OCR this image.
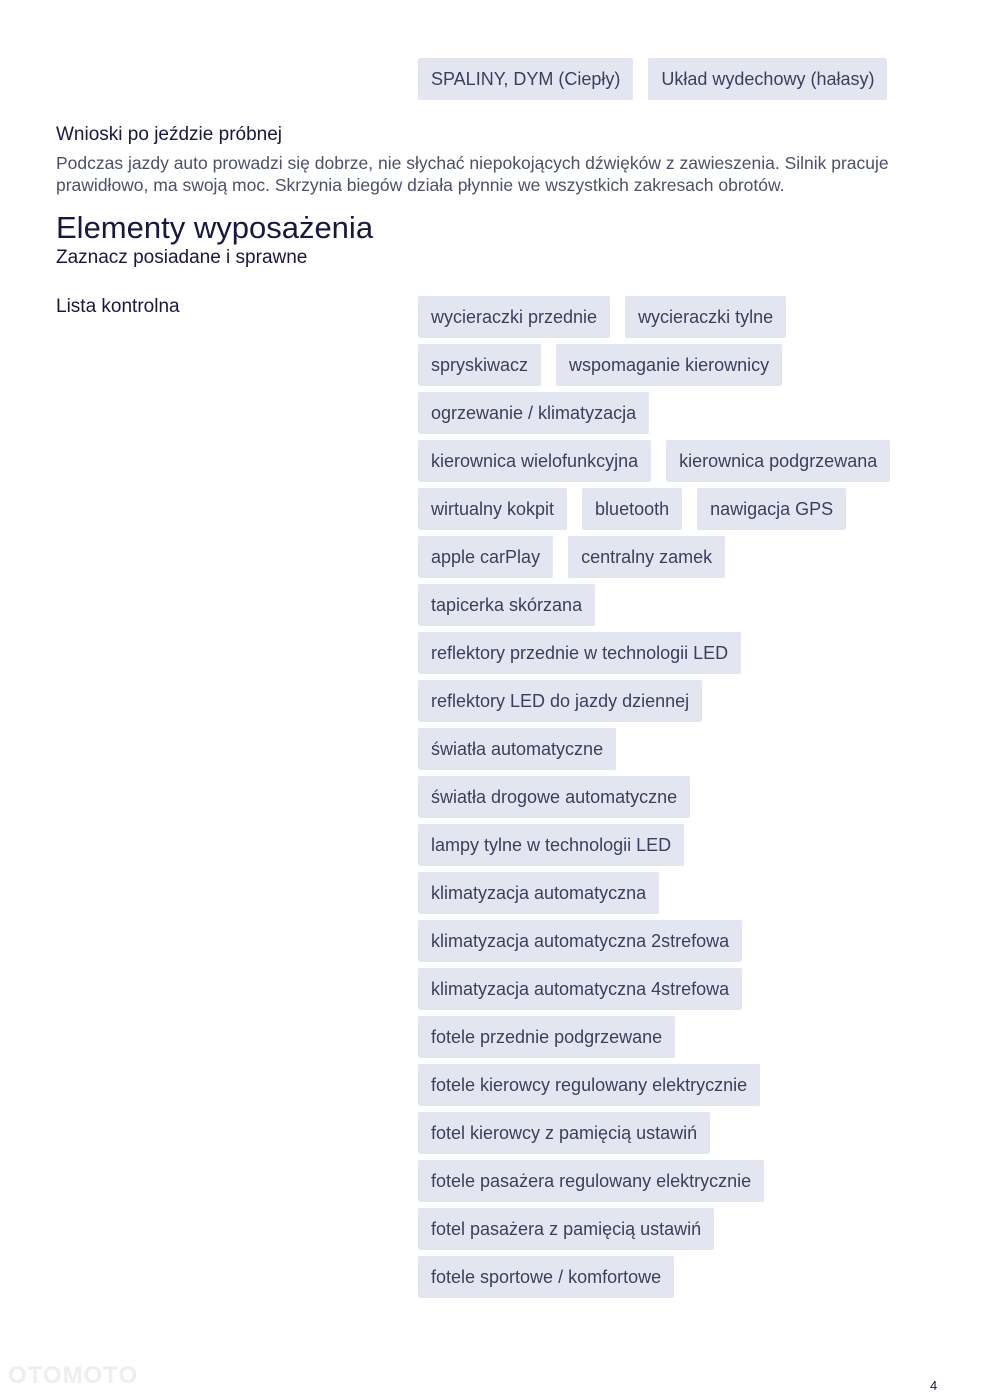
SPALINY, DYM (Ciepły)	Układ wydechowy (hałasy)
Wnioski po jeździe próbnej

Podczas jazdy auto prowadzi się dobrze, nie słychać niepokojących dźwięków z zawieszenia. Silnik pracuje prawidłowo, ma swoją moc. Skrzynia biegów działa płynnie we wszystkich zakresach obrotów.

Elementy wyposażenia
Zaznacz posiadane i sprawne
Lista kontrolna	wycieraczki przednie	wycieraczki tylne
spryskiwacz	wspomaganie kierownicy
ogrzewanie / klimatyzacja
kierownica wielofunkcyjna	kierownica podgrzewana
wirtualny kokpit	bluetooth	nawigacja GPS
apple carPlay	centralny zamek
tapicerka skórzana
reflektory przednie w technologii LED
reflektory LED do jazdy dziennej
światła automatyczne
światła drogowe automatyczne
lampy tylne w technologii LED
klimatyzacja automatyczna
klimatyzacja automatyczna 2strefowa
klimatyzacja automatyczna 4strefowa
fotele przednie podgrzewane
fotele kierowcy regulowany elektrycznie
fotel kierowcy z pamięcią ustawiń
fotele pasażera regulowany elektrycznie
fotel pasażera z pamięcią ustawiń
fotele sportowe / komfortowe
4
OTOMOTO
